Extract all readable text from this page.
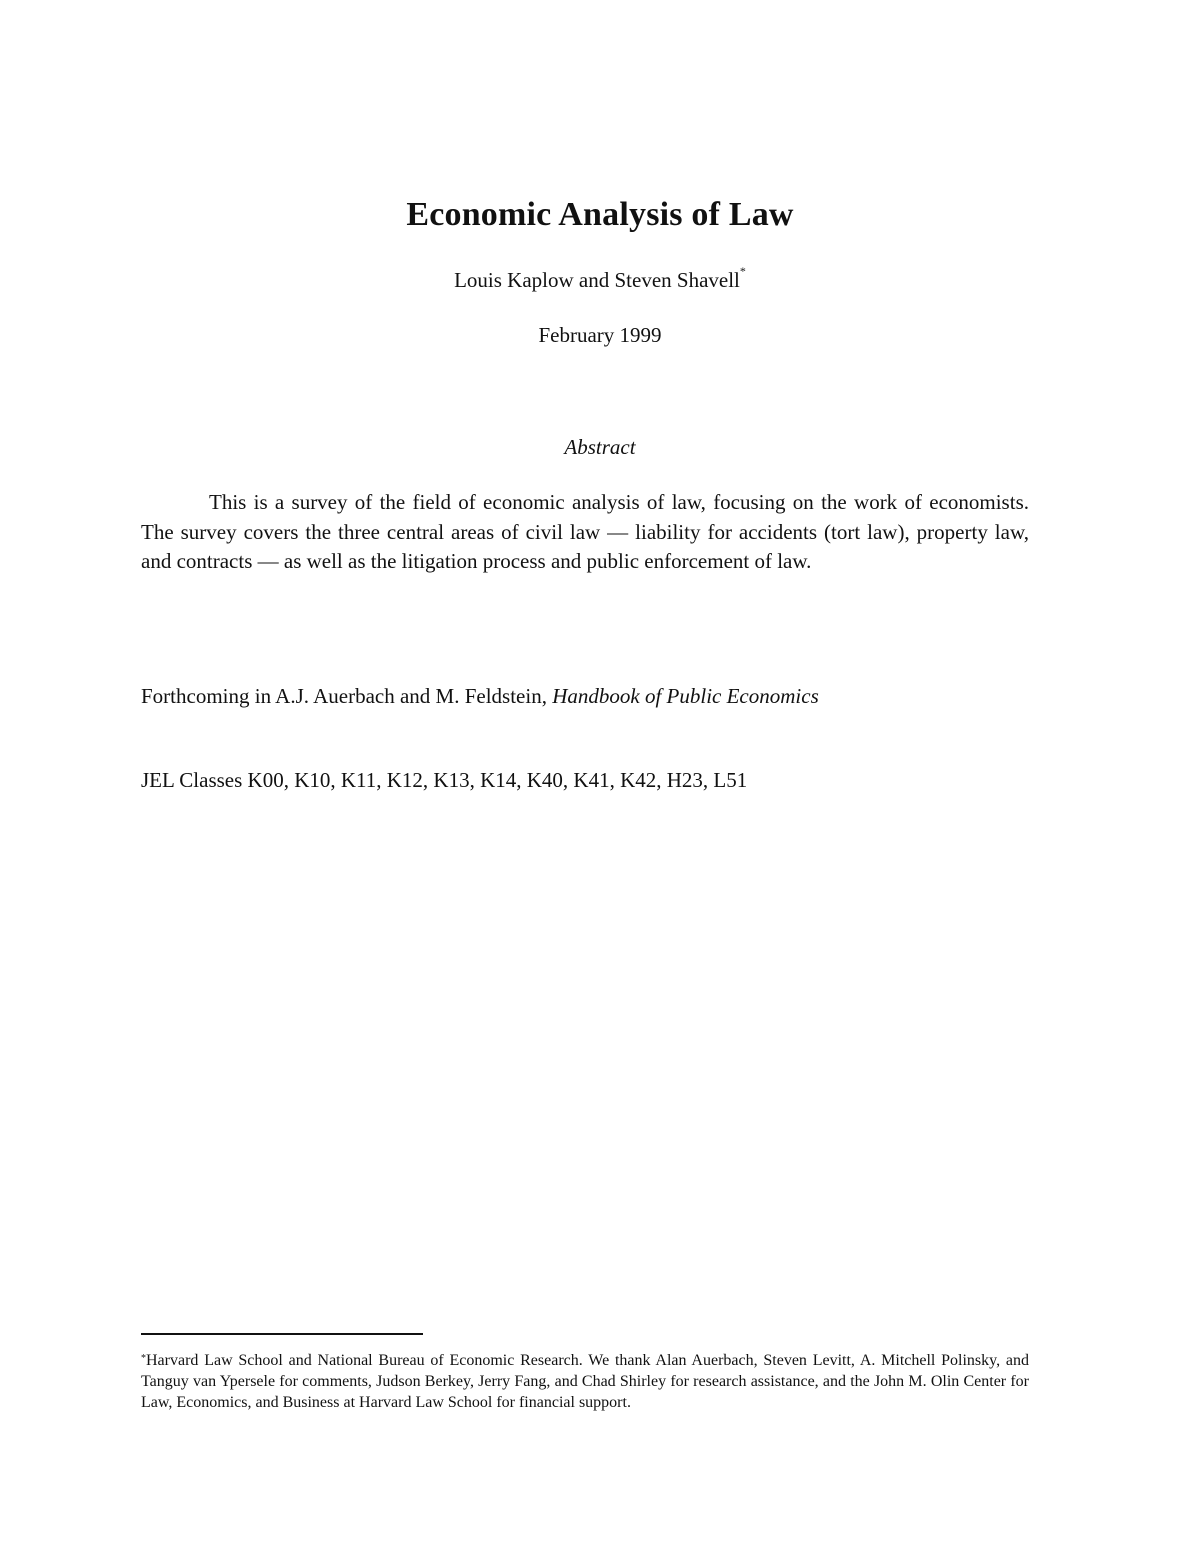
Economic Analysis of Law
Louis Kaplow and Steven Shavell*
February 1999
Abstract

This is a survey of the field of economic analysis of law, focusing on the work of economists. The survey covers the three central areas of civil law — liability for accidents (tort law), property law, and contracts — as well as the litigation process and public enforcement of law.

Forthcoming in A.J. Auerbach and M. Feldstein, Handbook of Public Economics

JEL Classes K00, K10, K11, K12, K13, K14, K40, K41, K42, H23, L51

*Harvard Law School and National Bureau of Economic Research. We thank Alan Auerbach, Steven Levitt, A. Mitchell Polinsky, and Tanguy van Ypersele for comments, Judson Berkey, Jerry Fang, and Chad Shirley for research assistance, and the John M. Olin Center for Law, Economics, and Business at Harvard Law School for financial support.
